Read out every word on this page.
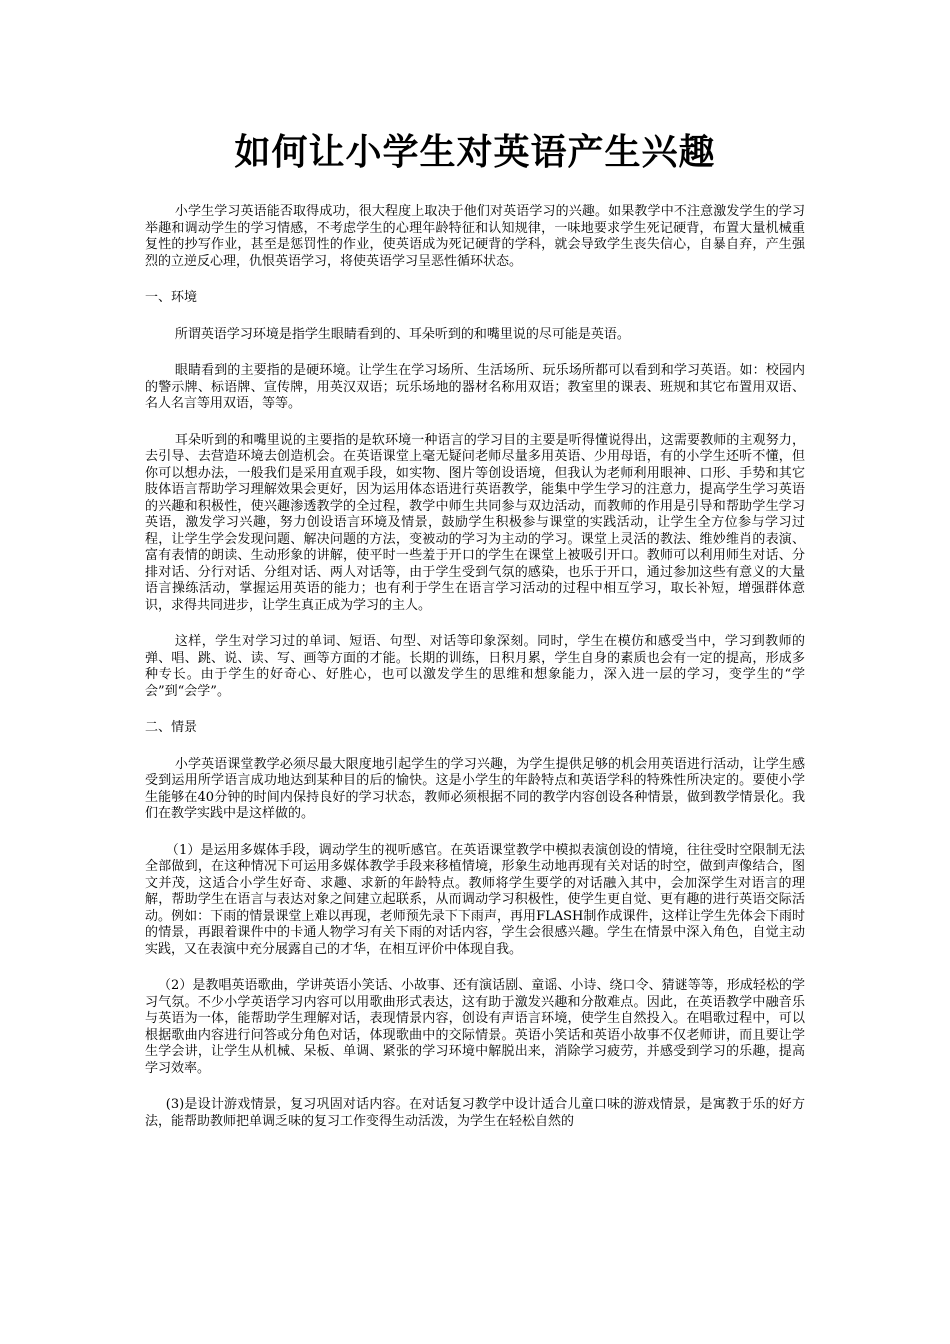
如何让小学生对英语产生兴趣

小学生学习英语能否取得成功，很大程度上取决于他们对英语学习的兴趣。如果教学中不注意激发学生的学习举趣和调动学生的学习情感，不考虑学生的心理年龄特征和认知规律，一味地要求学生死记硬背，布置大量机械重复性的抄写作业，甚至是惩罚性的作业，使英语成为死记硬背的学科，就会导致学生丧失信心，自暴自弃，产生强烈的立逆反心理，仇恨英语学习，将使英语学习呈恶性循环状态。

一、环境

所谓英语学习环境是指学生眼睛看到的、耳朵听到的和嘴里说的尽可能是英语。

眼睛看到的主要指的是硬环境。让学生在学习场所、生活场所、玩乐场所都可以看到和学习英语。如：校园内的警示牌、标语牌、宣传牌，用英汉双语；玩乐场地的器材名称用双语；教室里的课表、班规和其它布置用双语、名人名言等用双语，等等。

耳朵听到的和嘴里说的主要指的是软环境一种语言的学习目的主要是听得懂说得出，这需要教师的主观努力，去引导、去营造环境去创造机会。在英语课堂上毫无疑问老师尽量多用英语、少用母语，有的小学生还听不懂，但你可以想办法，一般我们是采用直观手段，如实物、图片等创设语境，但我认为老师利用眼神、口形、手势和其它肢体语言帮助学习理解效果会更好，因为运用体态语进行英语教学，能集中学生学习的注意力，提高学生学习英语的兴趣和积极性，使兴趣渗透教学的全过程，教学中师生共同参与双边活动，而教师的作用是引导和帮助学生学习英语，激发学习兴趣，努力创设语言环境及情景，鼓励学生积极参与课堂的实践活动，让学生全方位参与学习过程，让学生学会发现问题、解决问题的方法，变被动的学习为主动的学习。课堂上灵活的教法、维妙维肖的表演、富有表情的朗读、生动形象的讲解，使平时一些羞于开口的学生在课堂上被吸引开口。教师可以利用师生对话、分排对话、分行对话、分组对话、两人对话等，由于学生受到气氛的感染，也乐于开口，通过参加这些有意义的大量语言操练活动，掌握运用英语的能力；也有利于学生在语言学习活动的过程中相互学习，取长补短，增强群体意识，求得共同进步，让学生真正成为学习的主人。

这样，学生对学习过的单词、短语、句型、对话等印象深刻。同时，学生在模仿和感受当中，学习到教师的弹、唱、跳、说、读、写、画等方面的才能。长期的训练，日积月累，学生自身的素质也会有一定的提高，形成多种专长。由于学生的好奇心、好胜心，也可以激发学生的思维和想象能力，深入进一层的学习，变学生的“学会”到“会学”。

二、情景

小学英语课堂教学必须尽最大限度地引起学生的学习兴趣，为学生提供足够的机会用英语进行活动，让学生感受到运用所学语言成功地达到某种目的后的愉快。这是小学生的年龄特点和英语学科的特殊性所决定的。要使小学生能够在40分钟的时间内保持良好的学习状态，教师必须根据不同的教学内容创设各种情景，做到教学情景化。我们在教学实践中是这样做的。

（1）是运用多媒体手段，调动学生的视听感官。在英语课堂教学中模拟表演创设的情境，往往受时空限制无法全部做到，在这种情况下可运用多媒体教学手段来移植情境，形象生动地再现有关对话的时空，做到声像结合，图文并茂，这适合小学生好奇、求趣、求新的年龄特点。教师将学生要学的对话融入其中，会加深学生对语言的理解，帮助学生在语言与表达对象之间建立起联系，从而调动学习积极性，使学生更自觉、更有趣的进行英语交际活动。例如：下雨的情景课堂上难以再现，老师预先录下下雨声，再用FLASH制作成课件，这样让学生先体会下雨时的情景，再跟着课件中的卡通人物学习有关下雨的对话内容，学生会很感兴趣。学生在情景中深入角色，自觉主动实践，又在表演中充分展露自己的才华，在相互评价中体现自我。

（2）是教唱英语歌曲，学讲英语小笑话、小故事、还有演话剧、童谣、小诗、绕口令、猜谜等等，形成轻松的学习气氛。不少小学英语学习内容可以用歌曲形式表达，这有助于激发兴趣和分散难点。因此，在英语教学中融音乐与英语为一体，能帮助学生理解对话，表现情景内容，创设有声语言环境，使学生自然投入。在唱歌过程中，可以根据歌曲内容进行问答或分角色对话，体现歌曲中的交际情景。英语小笑话和英语小故事不仅老师讲，而且要让学生学会讲，让学生从机械、呆板、单调、紧张的学习环境中解脱出来，消除学习疲劳，并感受到学习的乐趣，提高学习效率。

(3)是设计游戏情景，复习巩固对话内容。在对话复习教学中设计适合儿童口味的游戏情景，是寓教于乐的好方法，能帮助教师把单调乏味的复习工作变得生动活泼，为学生在轻松自然的
